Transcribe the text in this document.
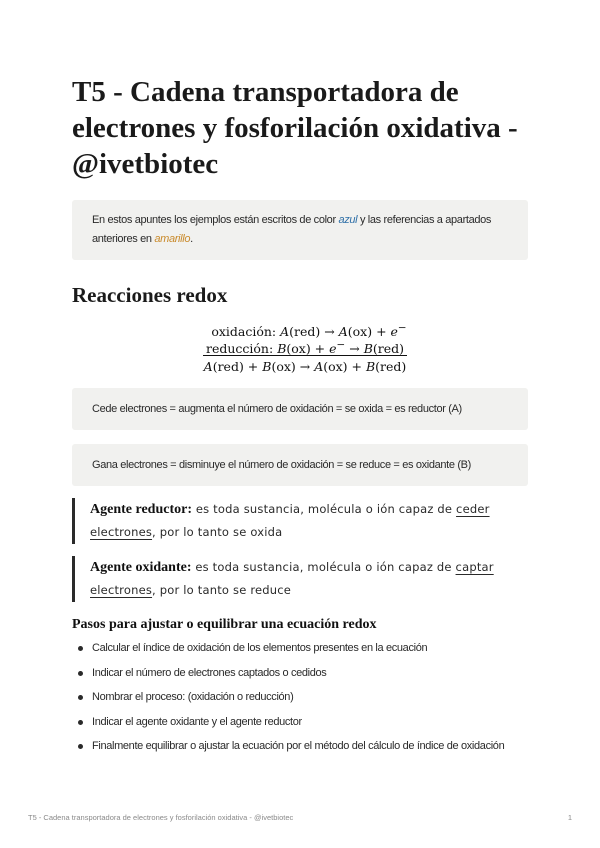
T5 - Cadena transportadora de electrones y fosforilación oxidativa - @ivetbiotec
En estos apuntes los ejemplos están escritos de color azul y las referencias a apartados anteriores en amarillo.
Reacciones redox
oxidación: A(red) → A(ox) + e−
reducción: B(ox) + e− → B(red)
A(red) + B(ox) → A(ox) + B(red)
Cede electrones = augmenta el número de oxidación = se oxida = es reductor (A)
Gana electrones = disminuye el número de oxidación = se reduce = es oxidante (B)
Agente reductor: es toda sustancia, molécula o ión capaz de ceder electrones, por lo tanto se oxida
Agente oxidante: es toda sustancia, molécula o ión capaz de captar electrones, por lo tanto se reduce
Pasos para ajustar o equilibrar una ecuación redox
Calcular el índice de oxidación de los elementos presentes en la ecuación
Indicar el número de electrones captados o cedidos
Nombrar el proceso: (oxidación o reducción)
Indicar el agente oxidante y el agente reductor
Finalmente equilibrar o ajustar la ecuación por el método del cálculo de índice de oxidación
T5 - Cadena transportadora de electrones y fosforilación oxidativa - @ivetbiotec	1
